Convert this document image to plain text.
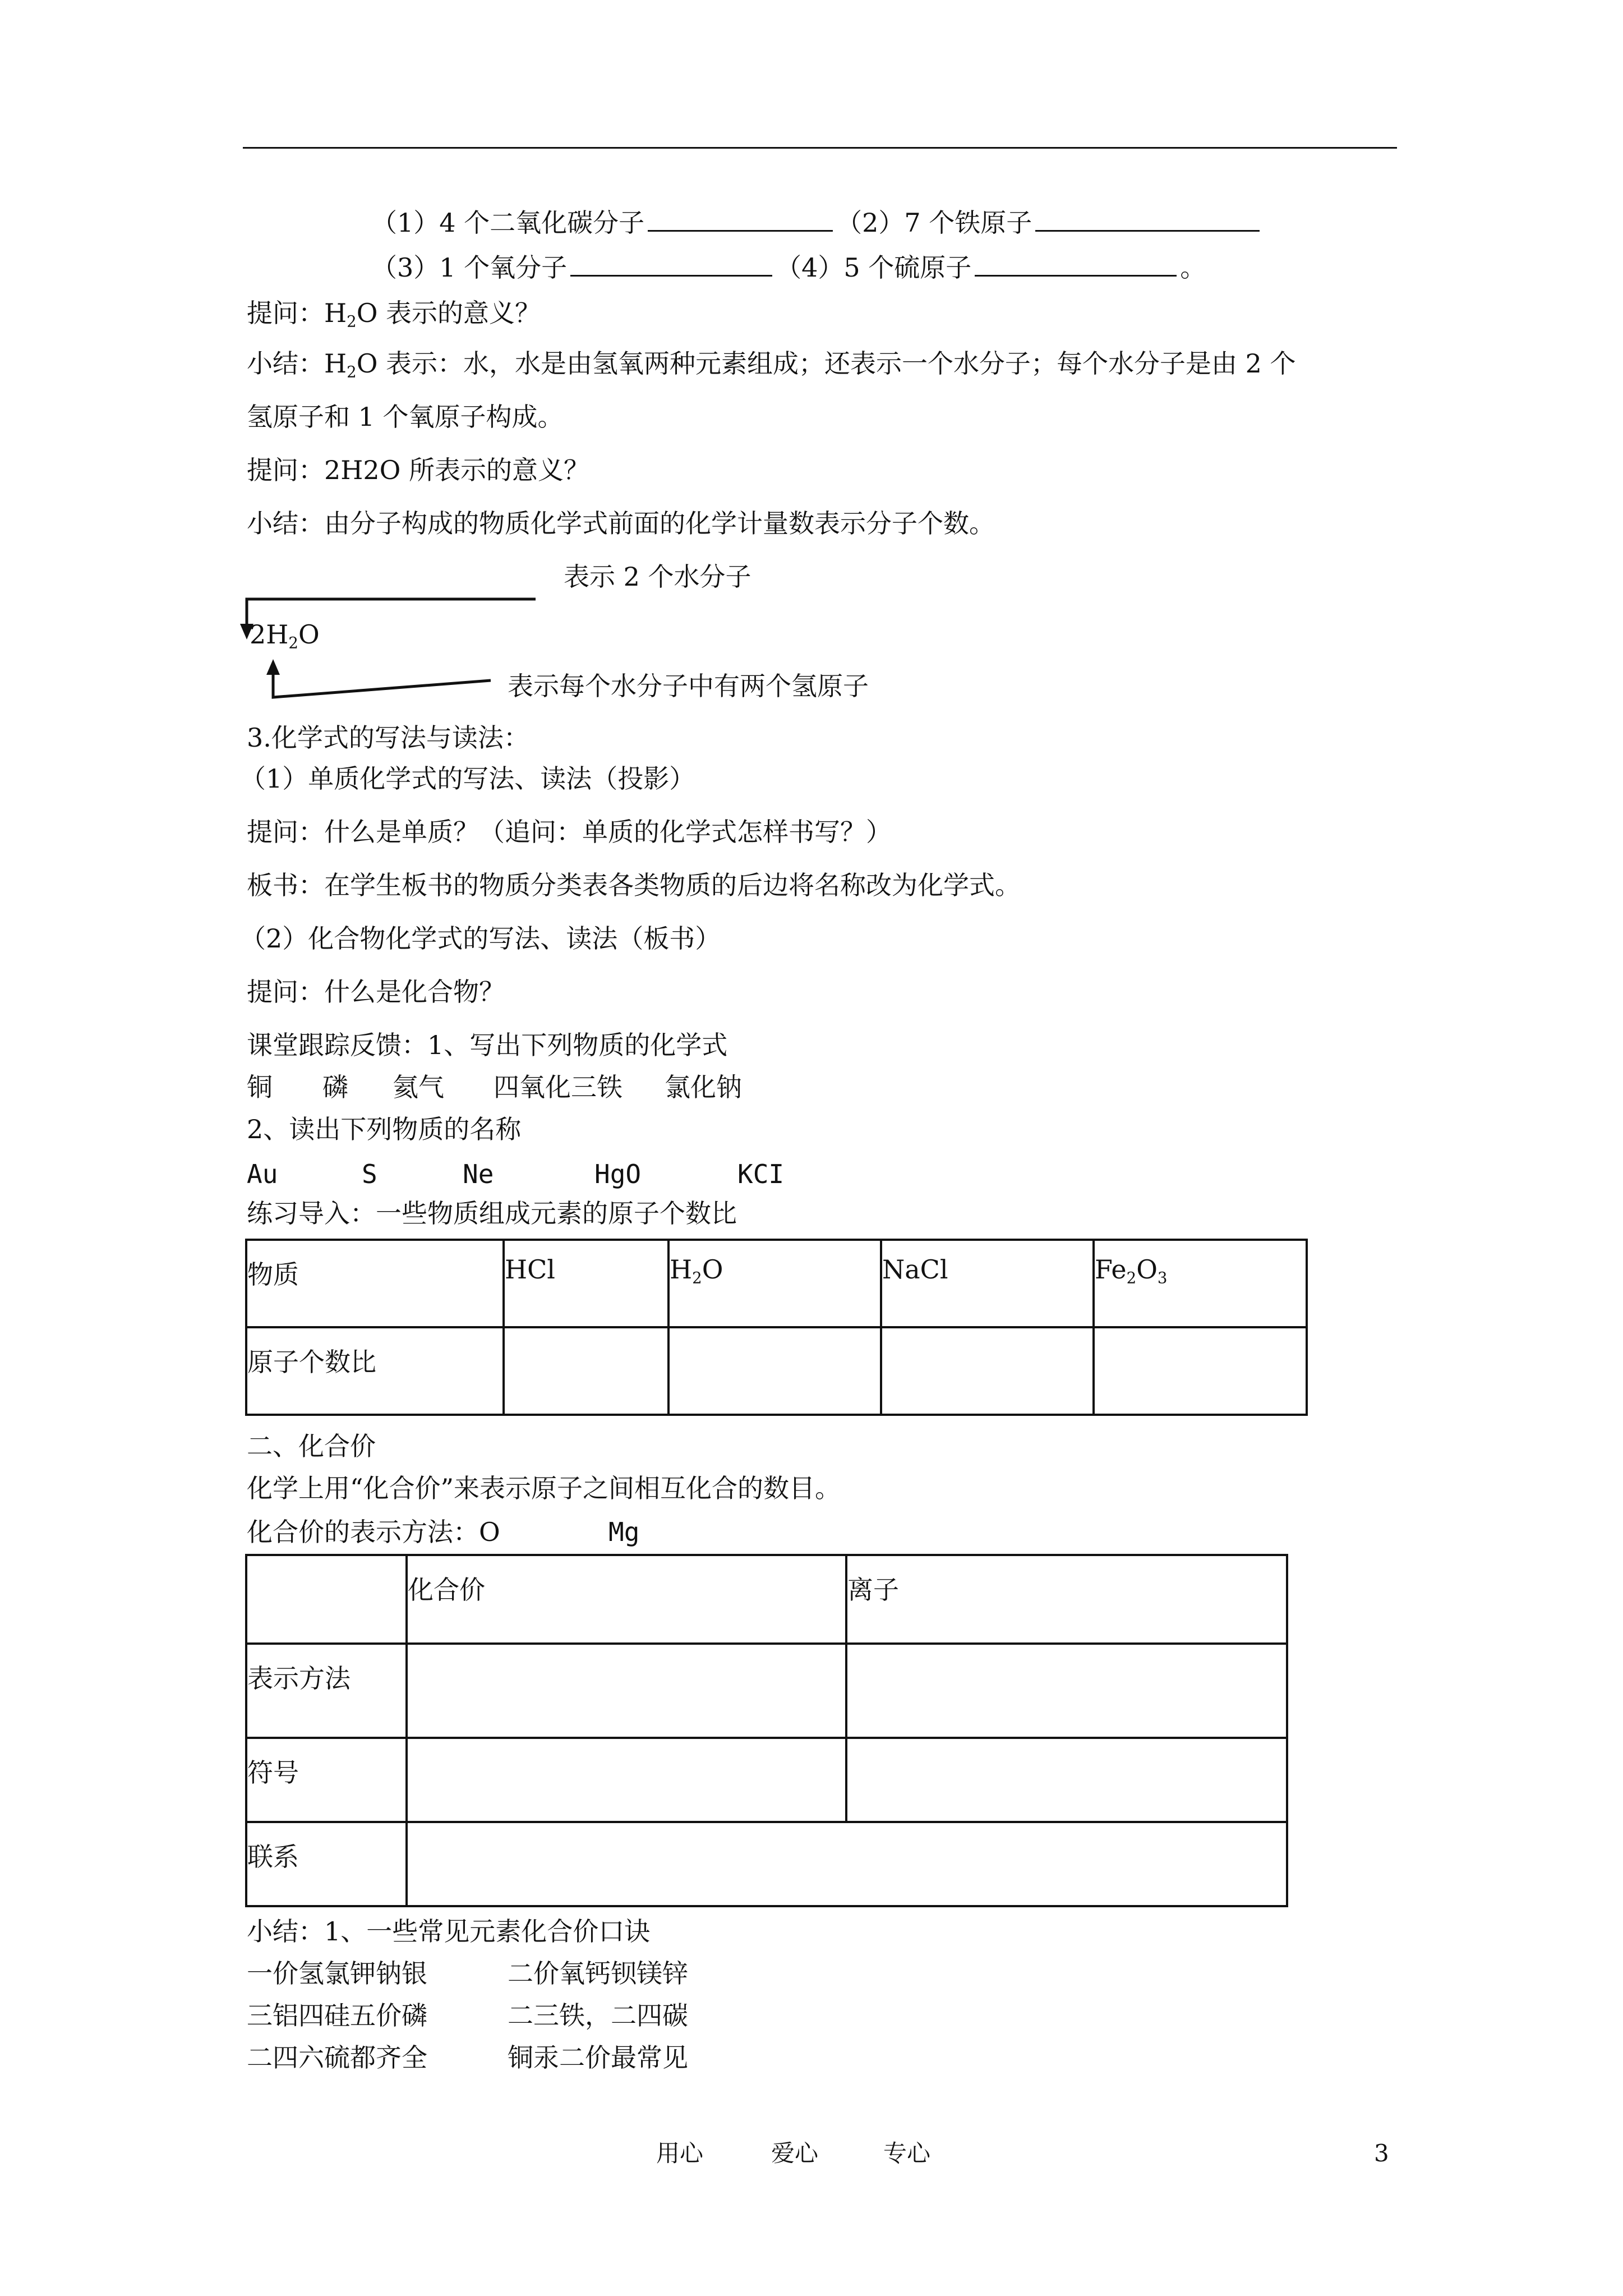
（1）4 个二氧化碳分子	（2）7 个铁原子
（3）1 个氧分子	（4）5 个硫原子	。
提问：$H_2O$ 表示的意义？
小结：$H_2O$ 表示：水，水是由氢氧两种元素组成；还表示一个水分子；每个水分子是由 2 个
氢原子和 1 个氧原子构成。
提问：2H2O 所表示的意义？
小结：由分子构成的物质化学式前面的化学计量数表示分子个数。
表示 2 个水分子
$2H_2O$
表示每个水分子中有两个氢原子
3.化学式的写法与读法：
（1）单质化学式的写法、读法（投影）
提问：什么是单质？（追问：单质的化学式怎样书写？）
板书：在学生板书的物质分类表各类物质的后边将名称改为化学式。
（2）化合物化学式的写法、读法（板书）
提问：什么是化合物？
课堂跟踪反馈：1、写出下列物质的化学式
铜 磷 氦气 四氧化三铁 氯化钠
2、读出下列物质的名称
Au	S	Ne	HgO	KCI
练习导入：一些物质组成元素的原子个数比
物质	HCl	$H_2O$	NaCl	$Fe_2O_3$
原子个数比				
二、化合价
化学上用“化合价”来表示原子之间相互化合的数目。
化合价的表示方法：O	Mg
	化合价	离子
表示方法		
符号		
联系		
小结：1、一些常见元素化合价口诀
一价氢氯钾钠银	二价氧钙钡镁锌
三铝四硅五价磷	二三铁，二四碳
二四六硫都齐全	铜汞二价最常见
用心	爱心	专心	3
